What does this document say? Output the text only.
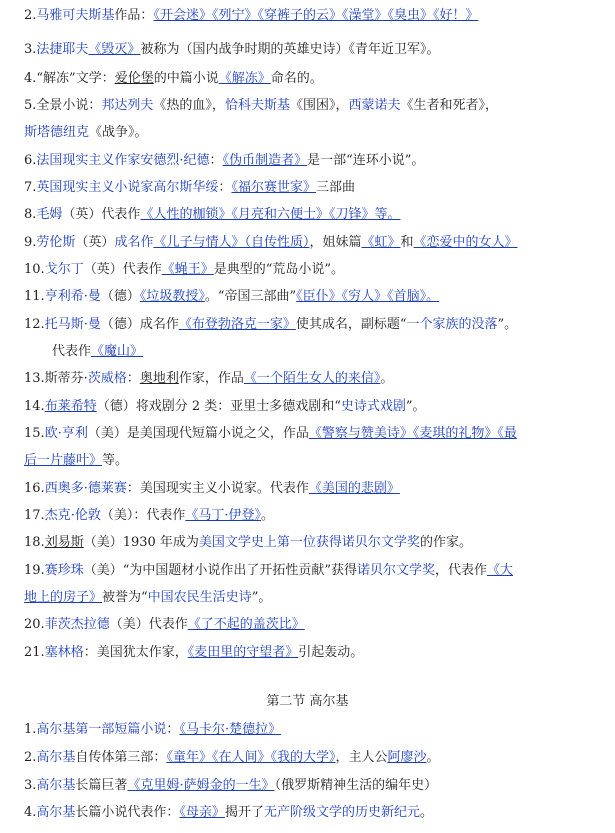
第二节 高尔基
2.马雅可夫斯基作品：《开会迷》《列宁》《穿裤子的云》《澡堂》《臭虫》《好！》
3.法捷耶夫《毁灭》被称为（国内战争时期的英雄史诗）《青年近卫军》。
4.“解冻”文学：爱伦堡的中篇小说《解冻》命名的。
5.全景小说：邦达列夫《热的血》，恰科夫斯基《围困》，西蒙诺夫《生者和死者》，
斯塔德纽克《战争》。
6.法国现实主义作家安德烈·纪德：《伪币制造者》是一部“连环小说”。
7.英国现实主义小说家高尔斯华绥：《福尔赛世家》三部曲
8.毛姆（英）代表作《人性的枷锁》《月亮和六便士》《刀锋》等。
9.劳伦斯（英）成名作《儿子与情人》（自传性质），姐妹篇《虹》和《恋爱中的女人》
10.戈尔丁（英）代表作《蝇王》是典型的“荒岛小说”。
11.亨利希·曼（德）《垃圾教授》。“帝国三部曲”《臣仆》《穷人》《首脑》。
12.托马斯·曼（德）成名作《布登勃洛克一家》使其成名，副标题“一个家族的没落”。
代表作《魔山》
13.斯蒂芬·茨威格：奥地利作家，作品《一个陌生女人的来信》。
14.布莱希特（德）将戏剧分 2 类：亚里士多德戏剧和“史诗式戏剧”。
15.欧·亨利（美）是美国现代短篇小说之父，作品《警察与赞美诗》《麦琪的礼物》《最
后一片藤叶》等。
16.西奥多·德莱赛：美国现实主义小说家。代表作《美国的悲剧》
17.杰克·伦敦（美）：代表作《马丁·伊登》。
18.刘易斯（美）1930 年成为美国文学史上第一位获得诺贝尔文学奖的作家。
19.赛珍珠（美）“为中国题材小说作出了开拓性贡献”获得诺贝尔文学奖，代表作《大
地上的房子》被誉为“中国农民生活史诗”。
20.菲茨杰拉德（美）代表作《了不起的盖茨比》
21.塞林格：美国犹太作家，《麦田里的守望者》引起轰动。
1.高尔基第一部短篇小说：《马卡尔·楚德拉》
2.高尔基自传体第三部：《童年》《在人间》《我的大学》，主人公阿廖沙。
3.高尔基长篇巨著《克里姆·萨姆金的一生》（俄罗斯精神生活的编年史）
4.高尔基长篇小说代表作：《母亲》揭开了无产阶级文学的历史新纪元。
